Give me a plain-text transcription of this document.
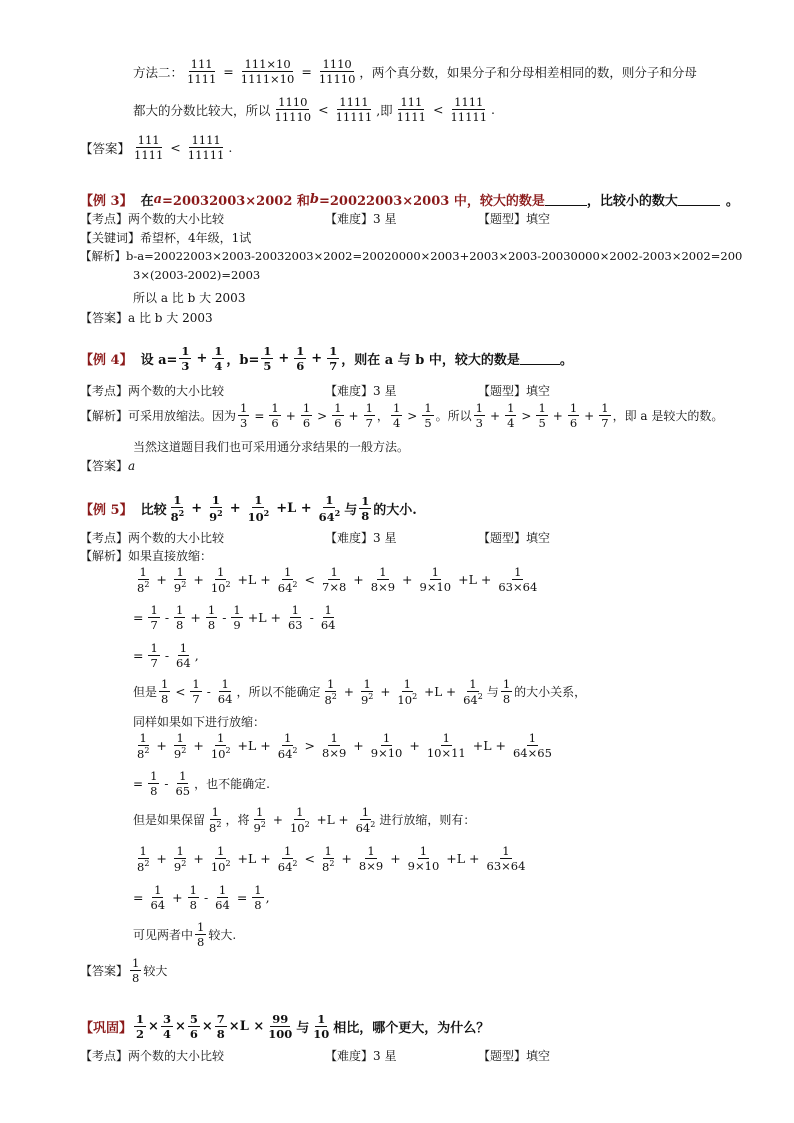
方法二： $\frac{111}{1111} = \frac{111\times 10}{1111\times 10} = \frac{1110}{11110}$ ，两个真分数，如果分子和分母相差相同的数，则分子和分母
都大的分数比较大，所以 $\frac{1110}{11110} < \frac{1111}{11111}$ ,即 $\frac{111}{1111} < \frac{1111}{11111}$ .
【答案】 $\frac{111}{1111} < \frac{1111}{11111}$ .
【例 3】 在 a =20032003×2002 和 b =20022003×2003 中，较大的数是	，比较小的数大	。
【考点】两个数的大小比较	【难度】3 星	【题型】填空
【关键词】希望杯，4年级，1试
【解析】b-a=20022003×2003-20032003×2002=20020000×2003+2003×2003-20030000×2002-2003×2002=200
3×(2003-2002)=2003
所以 a 比 b 大 2003
【答案】a 比 b 大 2003
【例 4】 设 $a= \frac{1}{3} + \frac{1}{4}$ ，$b= \frac{1}{5} + \frac{1}{6} + \frac{1}{7}$ ，则在 a 与 b 中，较大的数是	。
【考点】两个数的大小比较	【难度】3 星	【题型】填空
【解析】 可采用放缩法。因为 $\frac{1}{3} = \frac{1}{6} + \frac{1}{6} > \frac{1}{6} + \frac{1}{7}$ ， $\frac{1}{4} > \frac{1}{5}$ 。所以 $\frac{1}{3} + \frac{1}{4} > \frac{1}{5} + \frac{1}{6} + \frac{1}{7}$ ，即 a 是较大的数。
当然这道题目我们也可采用通分求结果的一般方法。
【答案】a
【例 5】 比较 $\frac{1}{8^2} + \frac{1}{9^2} + \frac{1}{10^2} +L + \frac{1}{64^2}$ 与 $\frac{1}{8}$ 的大小.
【考点】两个数的大小比较	【难度】3 星	【题型】填空
【解析】如果直接放缩：
$\frac{1}{8^2} + \frac{1}{9^2} + \frac{1}{10^2} +L + \frac{1}{64^2} < \frac{1}{7\times 8} + \frac{1}{8\times 9} + \frac{1}{9\times 10} +L + \frac{1}{63\times 64}$
= $\frac{1}{7} - \frac{1}{8} + \frac{1}{8} - \frac{1}{9} +L + \frac{1}{63} - \frac{1}{64}$
= $\frac{1}{7} - \frac{1}{64}$ ,
但是 $\frac{1}{8} < \frac{1}{7} - \frac{1}{64}$ ，所以不能确定 $\frac{1}{8^2} + \frac{1}{9^2} + \frac{1}{10^2} +L + \frac{1}{64^2}$ 与 $\frac{1}{8}$ 的大小关系，
同样如果如下进行放缩：
$\frac{1}{8^2} + \frac{1}{9^2} + \frac{1}{10^2} +L + \frac{1}{64^2} > \frac{1}{8\times 9} + \frac{1}{9\times 10} + \frac{1}{10\times 11} +L + \frac{1}{64\times 65}$
= $\frac{1}{8} - \frac{1}{65}$ ，也不能确定.
但是如果保留 $\frac{1}{8^2}$ ，将 $\frac{1}{9^2} + \frac{1}{10^2} +L + \frac{1}{64^2}$ 进行放缩，则有：
$\frac{1}{8^2} + \frac{1}{9^2} + \frac{1}{10^2} +L + \frac{1}{64^2} < \frac{1}{8^2} + \frac{1}{8\times 9} + \frac{1}{9\times 10} +L + \frac{1}{63\times 64}$
= $\frac{1}{64} + \frac{1}{8} - \frac{1}{64} = \frac{1}{8}$ ,
可见两者中 $\frac{1}{8}$ 较大.
【答案】 $\frac{1}{8}$ 较大
【巩固】 $\frac{1}{2} \times \frac{3}{4} \times \frac{5}{6} \times \frac{7}{8} \times L \times \frac{99}{100}$ 与 $\frac{1}{10}$ 相比，哪个更大，为什么？
【考点】两个数的大小比较	【难度】3 星	【题型】填空
